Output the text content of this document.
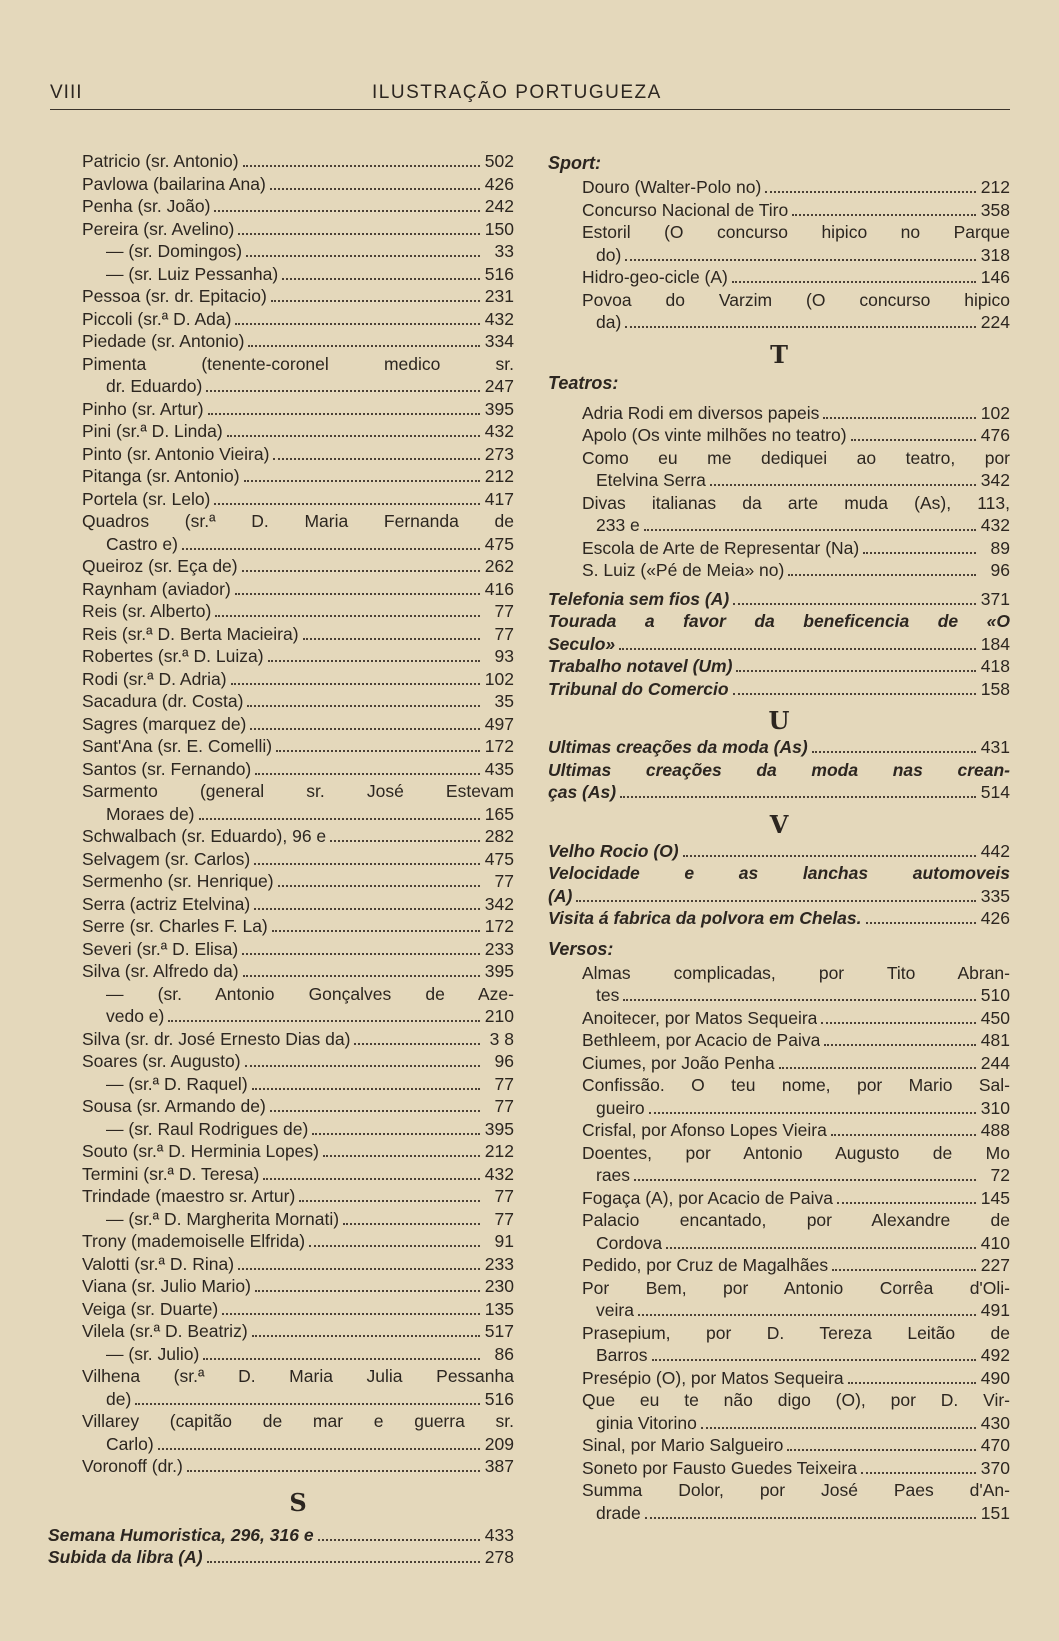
VIII	ILUSTRAÇÃO PORTUGUEZA
Patricio (sr. Antonio)	502
Pavlowa (bailarina Ana)	426
Penha (sr. João)	242
Pereira (sr. Avelino)	150
— (sr. Domingos)	33
— (sr. Luiz Pessanha)	516
Pessoa (sr. dr. Epitacio)	231
Piccoli (sr.ª D. Ada)	432
Piedade (sr. Antonio)	334
Pimenta (tenente-coronel medico sr.
dr. Eduardo)	247
Pinho (sr. Artur)	395
Pini (sr.ª D. Linda)	432
Pinto (sr. Antonio Vieira)	273
Pitanga (sr. Antonio)	212
Portela (sr. Lelo)	417
Quadros (sr.ª D. Maria Fernanda de
Castro e)	475
Queiroz (sr. Eça de)	262
Raynham (aviador)	416
Reis (sr. Alberto)	77
Reis (sr.ª D. Berta Macieira)	77
Robertes (sr.ª D. Luiza)	93
Rodi (sr.ª D. Adria)	102
Sacadura (dr. Costa)	35
Sagres (marquez de)	497
Sant'Ana (sr. E. Comelli)	172
Santos (sr. Fernando)	435
Sarmento (general sr. José Estevam
Moraes de)	165
Schwalbach (sr. Eduardo), 96 e	282
Selvagem (sr. Carlos)	475
Sermenho (sr. Henrique)	77
Serra (actriz Etelvina)	342
Serre (sr. Charles F. La)	172
Severi (sr.ª D. Elisa)	233
Silva (sr. Alfredo da)	395
— (sr. Antonio Gonçalves de Aze-
vedo e)	210
Silva (sr. dr. José Ernesto Dias da)	3 8
Soares (sr. Augusto)	96
— (sr.ª D. Raquel)	77
Sousa (sr. Armando de)	77
— (sr. Raul Rodrigues de)	395
Souto (sr.ª D. Herminia Lopes)	212
Termini (sr.ª D. Teresa)	432
Trindade (maestro sr. Artur)	77
— (sr.ª D. Margherita Mornati)	77
Trony (mademoiselle Elfrida)	91
Valotti (sr.ª D. Rina)	233
Viana (sr. Julio Mario)	230
Veiga (sr. Duarte)	135
Vilela (sr.ª D. Beatriz)	517
— (sr. Julio)	86
Vilhena (sr.ª D. Maria Julia Pessanha
de)	516
Villarey (capitão de mar e guerra sr.
Carlo)	209
Voronoff (dr.)	387
S
Semana Humoristica, 296, 316 e	433
Subida da libra (A)	278
Sport:
Douro (Walter-Polo no)	212
Concurso Nacional de Tiro	358
Estoril (O concurso hipico no Parque
do)	318
Hidro-geo-cicle (A)	146
Povoa do Varzim (O concurso hipico
da)	224
T
Teatros:
Adria Rodi em diversos papeis	102
Apolo (Os vinte milhões no teatro)	476
Como eu me dediquei ao teatro, por
Etelvina Serra	342
Divas italianas da arte muda (As), 113,
233 e	432
Escola de Arte de Representar (Na)	89
S. Luiz («Pé de Meia» no)	96
Telefonia sem fios (A)	371
Tourada a favor da beneficencia de «O
Seculo»	184
Trabalho notavel (Um)	418
Tribunal do Comercio	158
U
Ultimas creações da moda (As)	431
Ultimas creações da moda nas crean-
ças (As)	514
V
Velho Rocio (O)	442
Velocidade e as lanchas automoveis
(A)	335
Visita á fabrica da polvora em Chelas.	426
Versos:
Almas complicadas, por Tito Abran-
tes	510
Anoitecer, por Matos Sequeira	450
Bethleem, por Acacio de Paiva	481
Ciumes, por João Penha	244
Confissão. O teu nome, por Mario Sal-
gueiro	310
Crisfal, por Afonso Lopes Vieira	488
Doentes, por Antonio Augusto de Mo
raes	72
Fogaça (A), por Acacio de Paiva	145
Palacio encantado, por Alexandre de
Cordova	410
Pedido, por Cruz de Magalhães	227
Por Bem, por Antonio Corrêa d'Oli-
veira	491
Prasepium, por D. Tereza Leitão de
Barros	492
Presépio (O), por Matos Sequeira	490
Que eu te não digo (O), por D. Vir-
ginia Vitorino	430
Sinal, por Mario Salgueiro	470
Soneto por Fausto Guedes Teixeira	370
Summa Dolor, por José Paes d'An-
drade	151
